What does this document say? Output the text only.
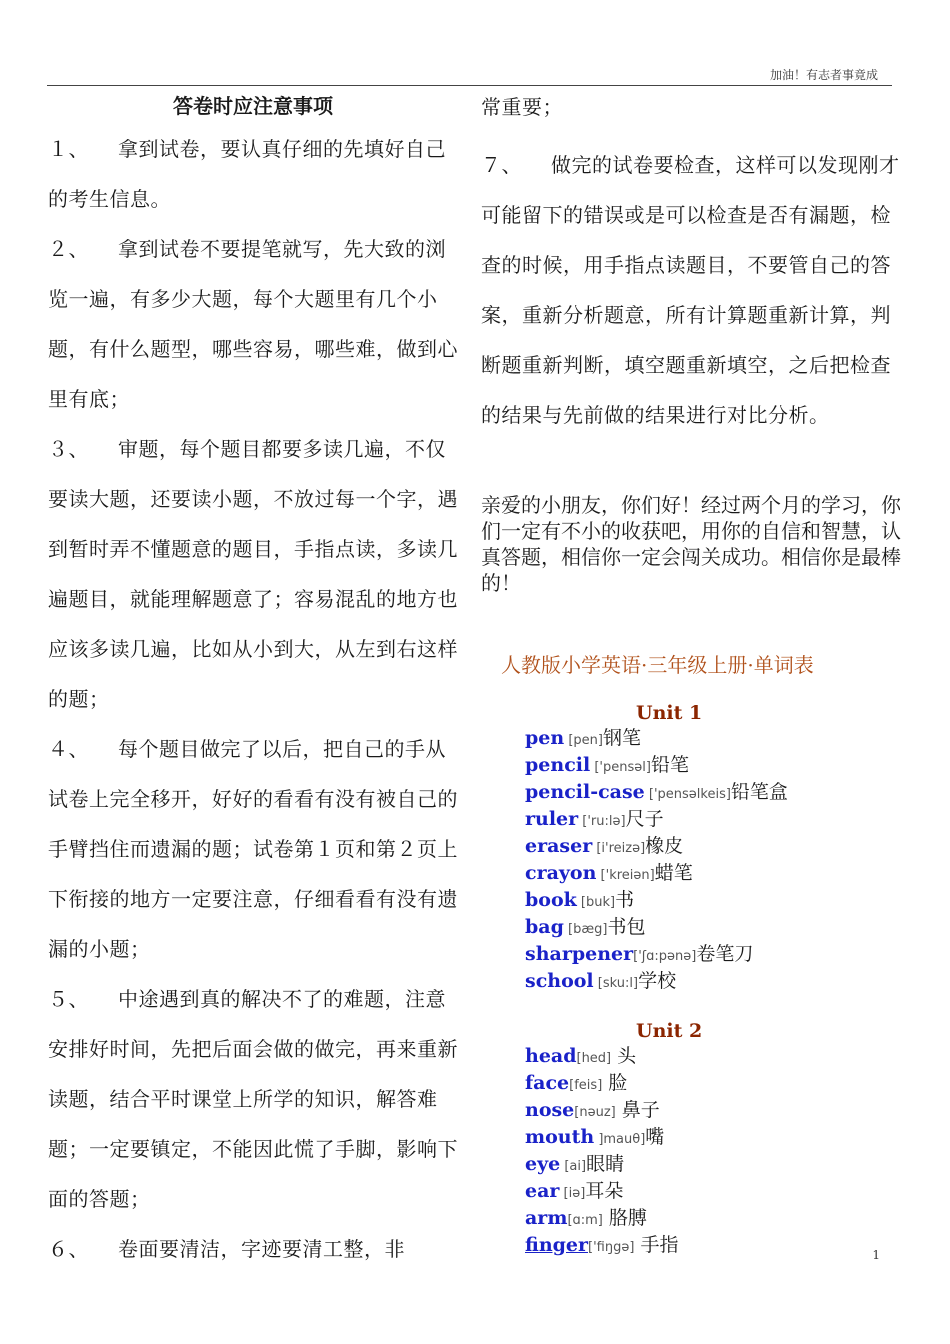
加油！有志者事竟成
答卷时应注意事项

１、 拿到试卷，要认真仔细的先填好自己的考生信息。

２、 拿到试卷不要提笔就写，先大致的浏览一遍，有多少大题，每个大题里有几个小题，有什么题型，哪些容易，哪些难，做到心里有底；

３、 审题，每个题目都要多读几遍，不仅要读大题，还要读小题，不放过每一个字，遇到暂时弄不懂题意的题目，手指点读，多读几遍题目，就能理解题意了；容易混乱的地方也应该多读几遍，比如从小到大，从左到右这样的题；

４、 每个题目做完了以后，把自己的手从试卷上完全移开，好好的看看有没有被自己的手臂挡住而遗漏的题；试卷第１页和第２页上下衔接的地方一定要注意，仔细看看有没有遗漏的小题；

５、 中途遇到真的解决不了的难题，注意安排好时间，先把后面会做的做完，再来重新读题，结合平时课堂上所学的知识，解答难题；一定要镇定，不能因此慌了手脚，影响下面的答题；

６、 卷面要清洁，字迹要清工整，非

常重要；

７、 做完的试卷要检查，这样可以发现刚才可能留下的错误或是可以检查是否有漏题，检查的时候，用手指点读题目，不要管自己的答案，重新分析题意，所有计算题重新计算，判断题重新判断，填空题重新填空，之后把检查的结果与先前做的结果进行对比分析。

亲爱的小朋友，你们好！经过两个月的学习，你们一定有不小的收获吧，用你的自信和智慧，认真答题，相信你一定会闯关成功。相信你是最棒的！

人教版小学英语·三年级上册·单词表
Unit 1
pen [pen]钢笔
pencil ['pensəl]铅笔
pencil-case ['pensəlkeis]铅笔盒
ruler ['ru:lə]尺子
eraser [i'reizə]橡皮
crayon ['kreiən]蜡笔
book [buk]书
bag [bæg]书包
sharpener['ʃɑ:pənə]卷笔刀
school [sku:l]学校
Unit 2
head[hed] 头
face[feis] 脸
nose[nəuz] 鼻子
mouth ]mauθ]嘴
eye [ai]眼睛
ear [iə]耳朵
arm[ɑ:m] 胳膊
finger['fiŋgə] 手指	1
